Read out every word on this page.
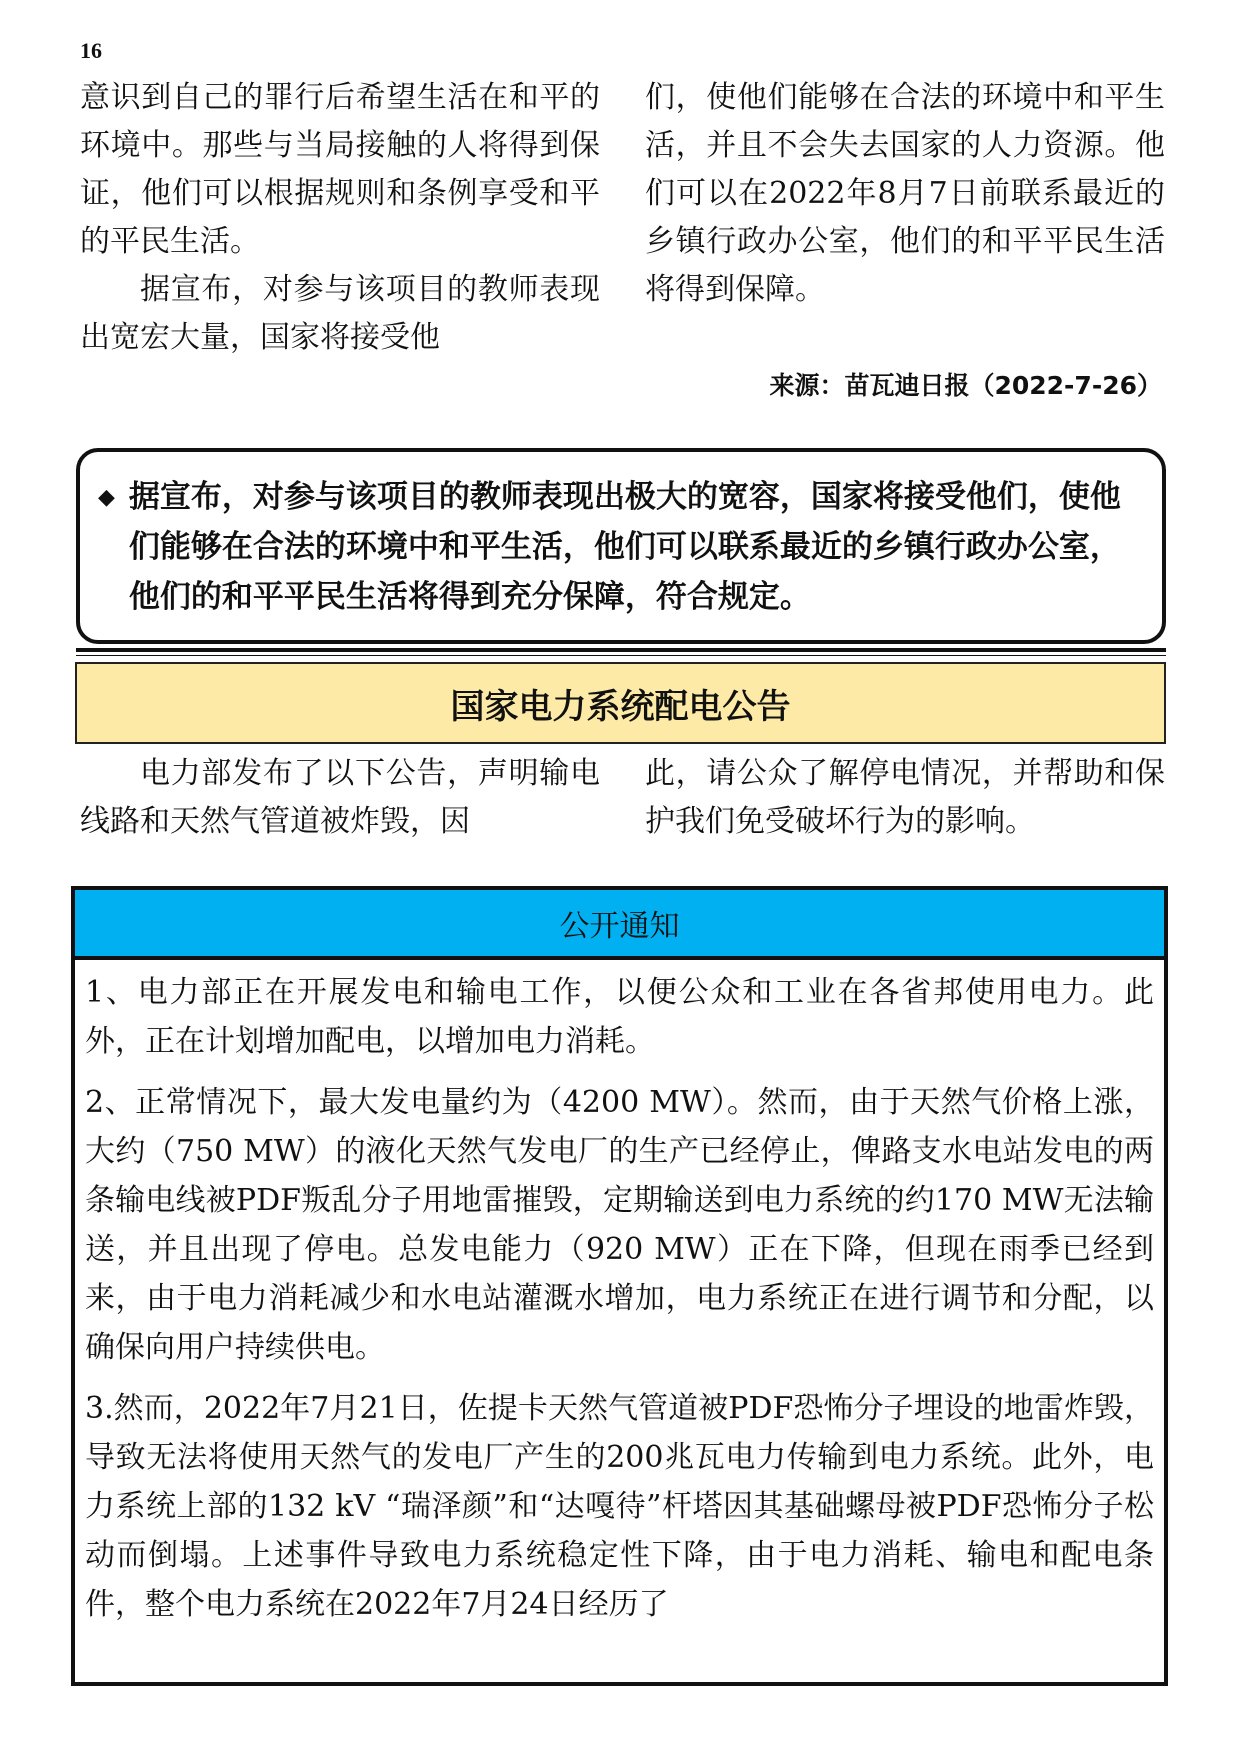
16

意识到自己的罪行后希望生活在和平的环境中。那些与当局接触的人将得到保证，他们可以根据规则和条例享受和平的平民生活。

据宣布，对参与该项目的教师表现出宽宏大量，国家将接受他

们，使他们能够在合法的环境中和平生活，并且不会失去国家的人力资源。他们可以在2022年8月7日前联系最近的乡镇行政办公室，他们的和平平民生活将得到保障。

来源：苗瓦迪日报（2022-7-26）
◆ 据宣布，对参与该项目的教师表现出极大的宽容，国家将接受他们，使他们能够在合法的环境中和平生活，他们可以联系最近的乡镇行政办公室，他们的和平平民生活将得到充分保障，符合规定。
国家电力系统配电公告

电力部发布了以下公告，声明输电线路和天然气管道被炸毁，因

此，请公众了解停电情况，并帮助和保护我们免受破坏行为的影响。

公开通知

1、电力部正在开展发电和输电工作，以便公众和工业在各省邦使用电力。此外，正在计划增加配电，以增加电力消耗。

2、正常情况下，最大发电量约为（4200 MW）。然而，由于天然气价格上涨，大约（750 MW）的液化天然气发电厂的生产已经停止，俾路支水电站发电的两条输电线被PDF叛乱分子用地雷摧毁，定期输送到电力系统的约170 MW无法输送，并且出现了停电。总发电能力（920 MW）正在下降，但现在雨季已经到来，由于电力消耗减少和水电站灌溉水增加，电力系统正在进行调节和分配，以确保向用户持续供电。

3.然而，2022年7月21日，佐提卡天然气管道被PDF恐怖分子埋设的地雷炸毁，导致无法将使用天然气的发电厂产生的200兆瓦电力传输到电力系统。此外，电力系统上部的132 kV “瑞泽颜”和“达嘎待”杆塔因其基础螺母被PDF恐怖分子松动而倒塌。上述事件导致电力系统稳定性下降，由于电力消耗、输电和配电条件，整个电力系统在2022年7月24日经历了
